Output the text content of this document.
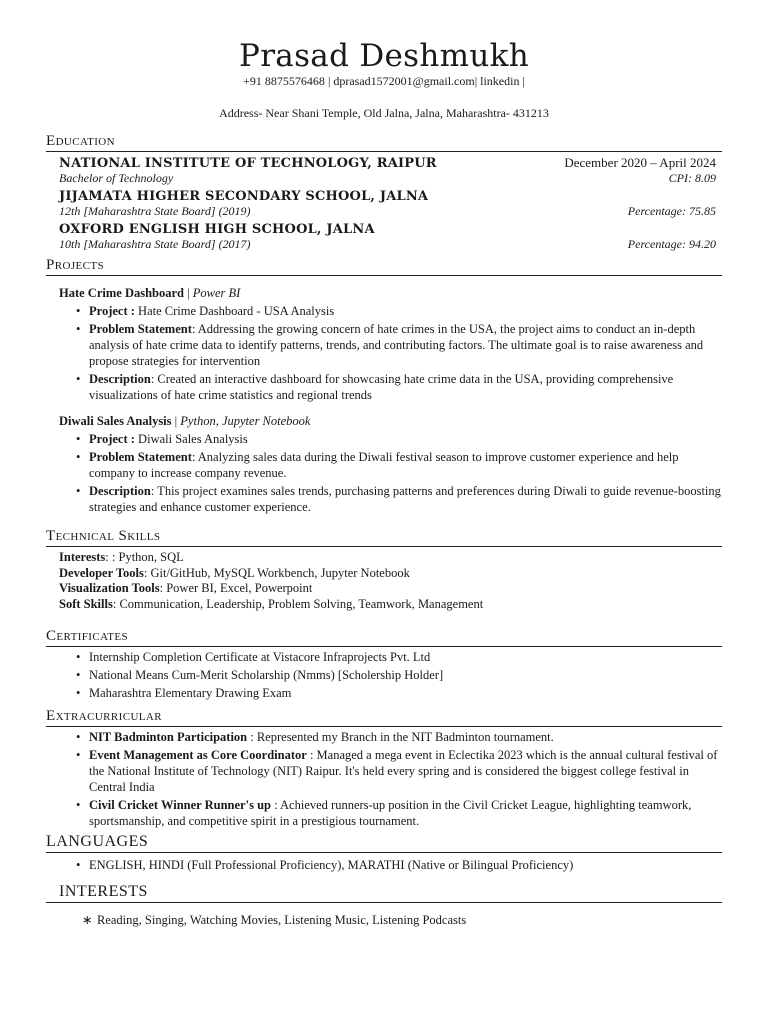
Prasad Deshmukh
+91 8875576468 | dprasad1572001@gmail.com| linkedin |
Address- Near Shani Temple, Old Jalna, Jalna, Maharashtra- 431213
Education
NATIONAL INSTITUTE OF TECHNOLOGY, RAIPUR	December 2020 – April 2024
Bachelor of Technology	CPI: 8.09
JIJAMATA HIGHER SECONDARY SCHOOL, JALNA
12th [Maharashtra State Board] (2019)	Percentage: 75.85
OXFORD ENGLISH HIGH SCHOOL, JALNA
10th [Maharashtra State Board] (2017)	Percentage: 94.20
Projects
Hate Crime Dashboard | Power BI
• Project : Hate Crime Dashboard - USA Analysis
• Problem Statement: Addressing the growing concern of hate crimes in the USA, the project aims to conduct an in-depth analysis of hate crime data to identify patterns, trends, and contributing factors. The ultimate goal is to raise awareness and propose strategies for intervention
• Description: Created an interactive dashboard for showcasing hate crime data in the USA, providing comprehensive visualizations of hate crime statistics and regional trends
Diwali Sales Analysis | Python, Jupyter Notebook
• Project : Diwali Sales Analysis
• Problem Statement: Analyzing sales data during the Diwali festival season to improve customer experience and help company to increase company revenue.
• Description: This project examines sales trends, purchasing patterns and preferences during Diwali to guide revenue-boosting strategies and enhance customer experience.
Technical Skills
Interests: : Python, SQL
Developer Tools: Git/GitHub, MySQL Workbench, Jupyter Notebook
Visualization Tools: Power BI, Excel, Powerpoint
Soft Skills: Communication, Leadership, Problem Solving, Teamwork, Management
Certificates
• Internship Completion Certificate at Vistacore Infraprojects Pvt. Ltd
• National Means Cum-Merit Scholarship (Nmms) [Scholership Holder]
• Maharashtra Elementary Drawing Exam
Extracurricular
• NIT Badminton Participation : Represented my Branch in the NIT Badminton tournament.
• Event Management as Core Coordinator : Managed a mega event in Eclectika 2023 which is the annual cultural festival of the National Institute of Technology (NIT) Raipur. It's held every spring and is considered the biggest college festival in Central India
• Civil Cricket Winner Runner's up : Achieved runners-up position in the Civil Cricket League, highlighting teamwork, sportsmanship, and competitive spirit in a prestigious tournament.
LANGUAGES
• ENGLISH, HINDI (Full Professional Proficiency), MARATHI (Native or Bilingual Proficiency)
INTERESTS
∗ Reading, Singing, Watching Movies, Listening Music, Listening Podcasts
